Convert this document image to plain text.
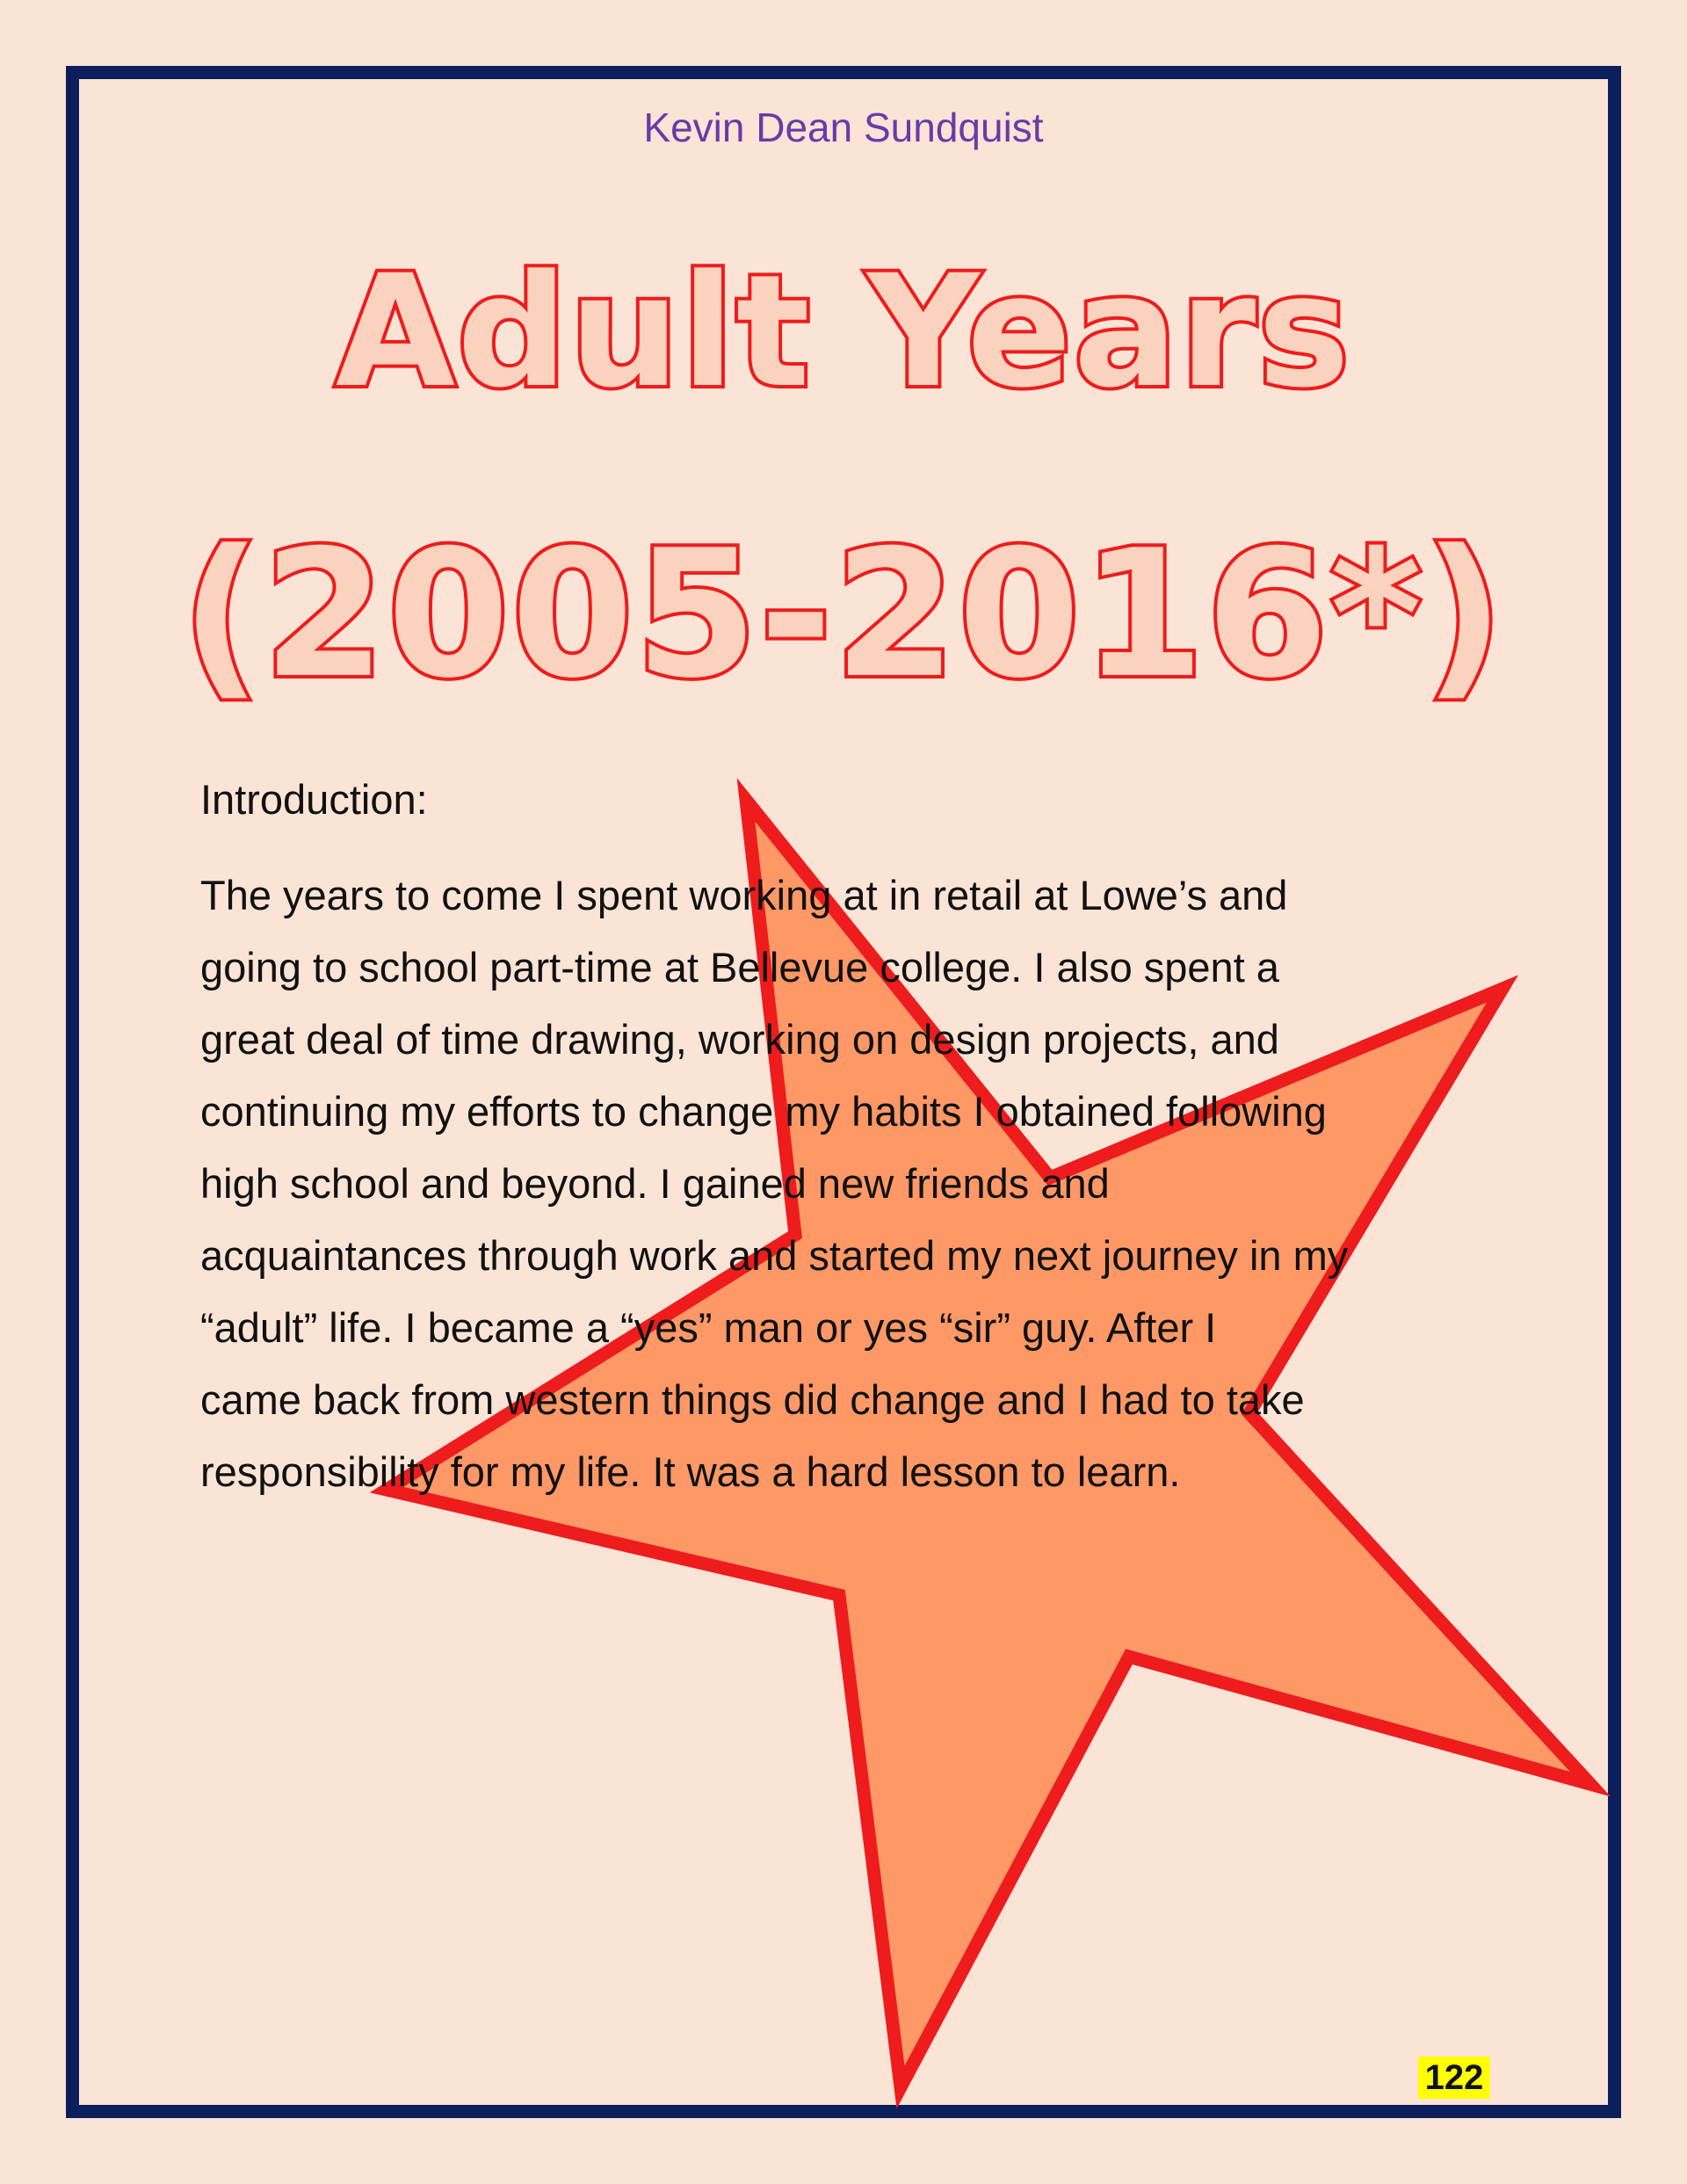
Kevin Dean Sundquist
Adult Years
(2005-2016*)

Introduction:

The years to come I spent working at in retail at Lowe’s and
going to school part-time at Bellevue college. I also spent a
great deal of time drawing, working on design projects, and
continuing my efforts to change my habits I obtained following
high school and beyond. I gained new friends and
acquaintances through work and started my next journey in my
“adult” life. I became a “yes” man or yes “sir” guy. After I
came back from western things did change and I had to take
responsibility for my life. It was a hard lesson to learn.

122
